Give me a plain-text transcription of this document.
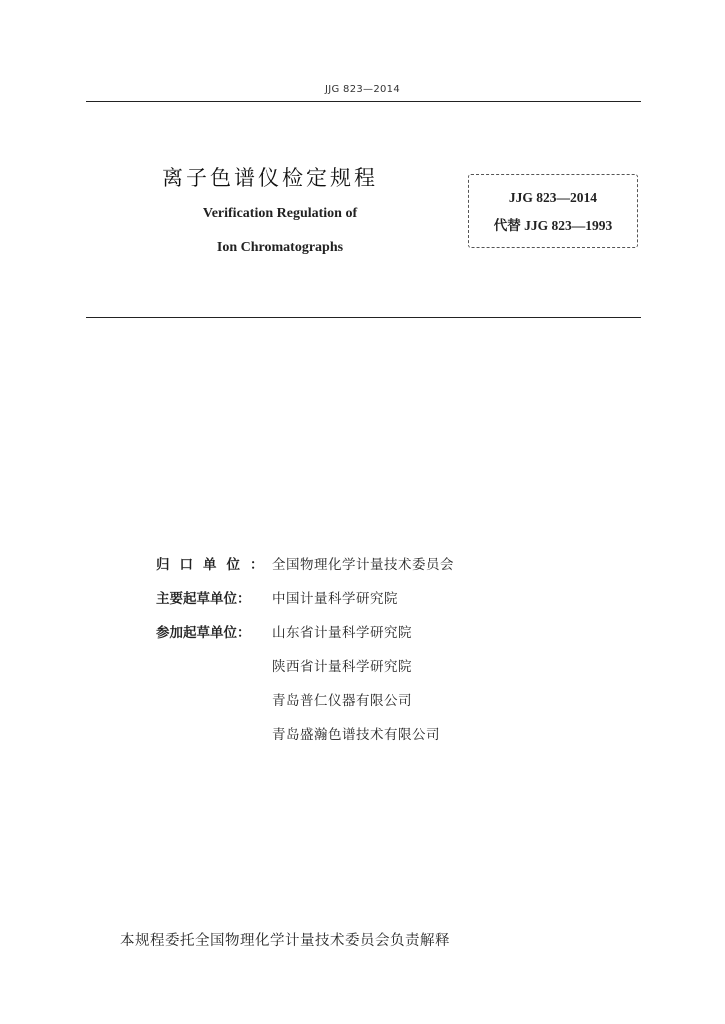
JJG 823—2014
离子色谱仪检定规程
Verification Regulation of
Ion Chromatographs
JJG 823—2014
代替 JJG 823—1993
归口单位：
全国物理化学计量技术委员会
主要起草单位：	中国计量科学研究院
参加起草单位：	山东省计量科学研究院
陕西省计量科学研究院
青岛普仁仪器有限公司
青岛盛瀚色谱技术有限公司
本规程委托全国物理化学计量技术委员会负责解释
